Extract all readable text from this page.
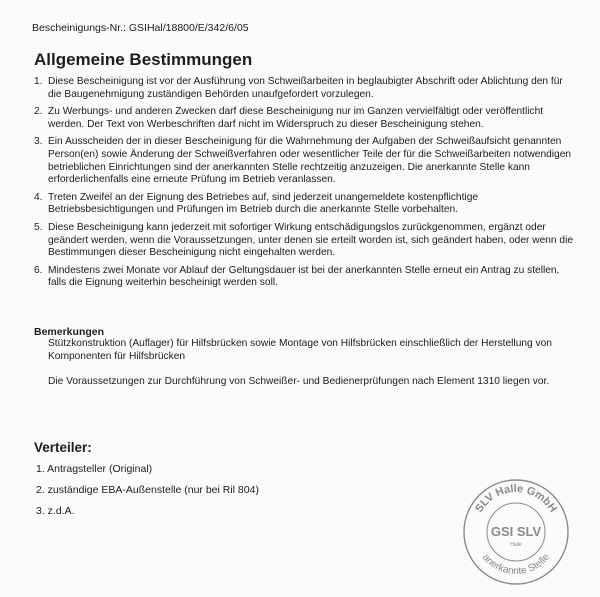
Bescheinigungs-Nr.: GSIHal/18800/E/342/6/05
Allgemeine Bestimmungen
1. Diese Bescheinigung ist vor der Ausführung von Schweißarbeiten in beglaubigter Abschrift oder Ablichtung den für die Baugenehmigung zuständigen Behörden unaufgefordert vorzulegen.
2. Zu Werbungs- und anderen Zwecken darf diese Bescheinigung nur im Ganzen vervielfältigt oder veröffentlicht werden. Der Text von Werbeschriften darf nicht im Widerspruch zu dieser Bescheinigung stehen.
3. Ein Ausscheiden der in dieser Bescheinigung für die Wahrnehmung der Aufgaben der Schweißaufsicht genannten Person(en) sowie Änderung der Schweißverfahren oder wesentlicher Teile der für die Schweißarbeiten notwendigen betrieblichen Einrichtungen sind der anerkannten Stelle rechtzeitig anzuzeigen. Die anerkannte Stelle kann erforderlichenfalls eine erneute Prüfung im Betrieb veranlassen.
4. Treten Zweifel an der Eignung des Betriebes auf, sind jederzeit unangemeldete kostenpflichtige Betriebsbesichtigungen und Prüfungen im Betrieb durch die anerkannte Stelle vorbehalten.
5. Diese Bescheinigung kann jederzeit mit sofortiger Wirkung entschädigungslos zurückgenommen, ergänzt oder geändert werden, wenn die Voraussetzungen, unter denen sie erteilt worden ist, sich geändert haben, oder wenn die Bestimmungen dieser Bescheinigung nicht eingehalten werden.
6. Mindestens zwei Monate vor Ablauf der Geltungsdauer ist bei der anerkannten Stelle erneut ein Antrag zu stellen, falls die Eignung weiterhin bescheinigt werden soll.
Bemerkungen

Stützkonstruktion (Auflager) für Hilfsbrücken sowie Montage von Hilfsbrücken einschließlich der Herstellung von Komponenten für Hilfsbrücken

Die Voraussetzungen zur Durchführung von Schweißer- und Bedienerprüfungen nach Element 1310 liegen vor.

Verteiler:
1. Antragsteller (Original)
2. zuständige EBA-Außenstelle (nur bei Ril 804)
3. z.d.A.	SLV Halle GmbH
anerkannte Stelle
GSI SLV
Halle
